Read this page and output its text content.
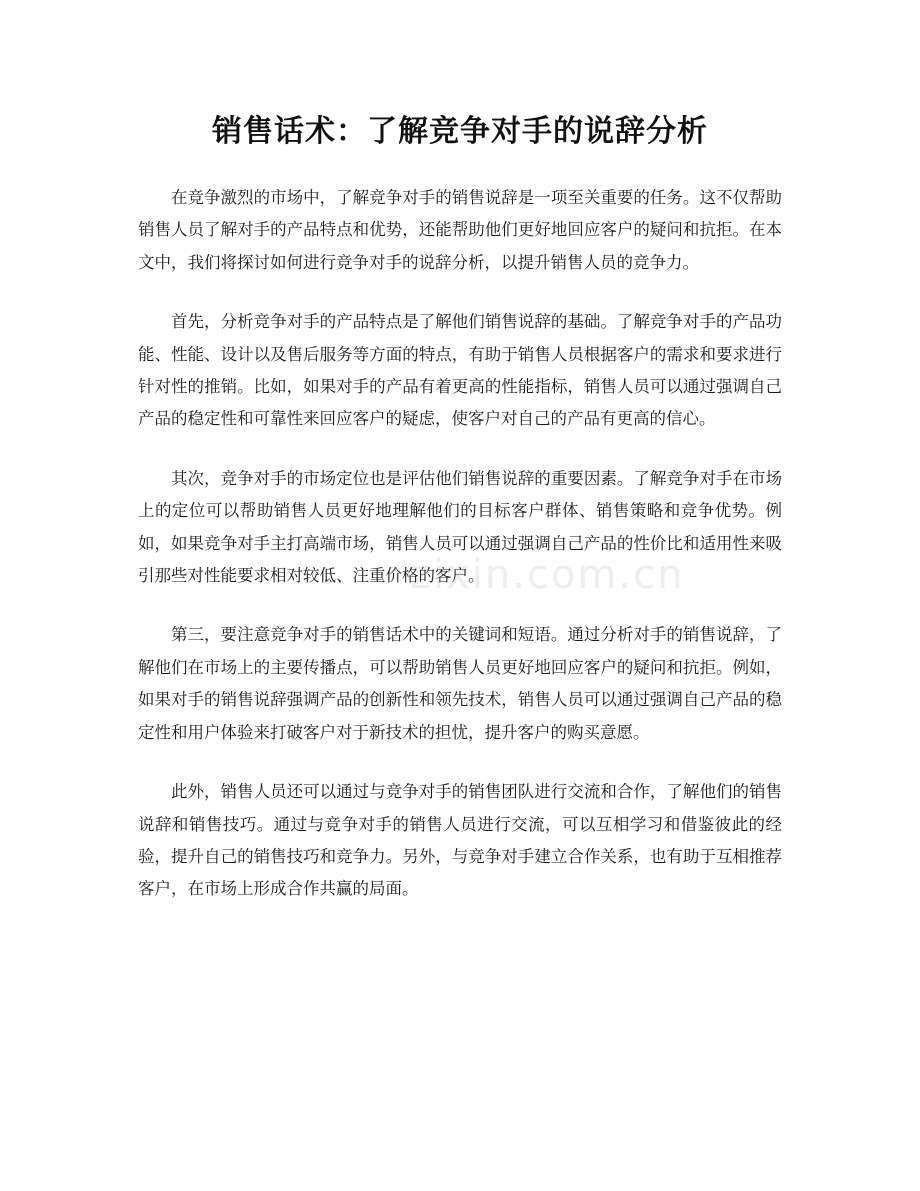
销售话术：了解竞争对手的说辞分析

在竞争激烈的市场中，了解竞争对手的销售说辞是一项至关重要的任务。这不仅帮助销售人员了解对手的产品特点和优势，还能帮助他们更好地回应客户的疑问和抗拒。在本文中，我们将探讨如何进行竞争对手的说辞分析，以提升销售人员的竞争力。

首先，分析竞争对手的产品特点是了解他们销售说辞的基础。了解竞争对手的产品功能、性能、设计以及售后服务等方面的特点，有助于销售人员根据客户的需求和要求进行针对性的推销。比如，如果对手的产品有着更高的性能指标，销售人员可以通过强调自己产品的稳定性和可靠性来回应客户的疑虑，使客户对自己的产品有更高的信心。

其次，竞争对手的市场定位也是评估他们销售说辞的重要因素。了解竞争对手在市场上的定位可以帮助销售人员更好地理解他们的目标客户群体、销售策略和竞争优势。例如，如果竞争对手主打高端市场，销售人员可以通过强调自己产品的性价比和适用性来吸引那些对性能要求相对较低、注重价格的客户。

第三，要注意竞争对手的销售话术中的关键词和短语。通过分析对手的销售说辞，了解他们在市场上的主要传播点，可以帮助销售人员更好地回应客户的疑问和抗拒。例如，如果对手的销售说辞强调产品的创新性和领先技术，销售人员可以通过强调自己产品的稳定性和用户体验来打破客户对于新技术的担忧，提升客户的购买意愿。

此外，销售人员还可以通过与竞争对手的销售团队进行交流和合作，了解他们的销售说辞和销售技巧。通过与竞争对手的销售人员进行交流，可以互相学习和借鉴彼此的经验，提升自己的销售技巧和竞争力。另外，与竞争对手建立合作关系，也有助于互相推荐客户，在市场上形成合作共赢的局面。

zixin.com.cn
